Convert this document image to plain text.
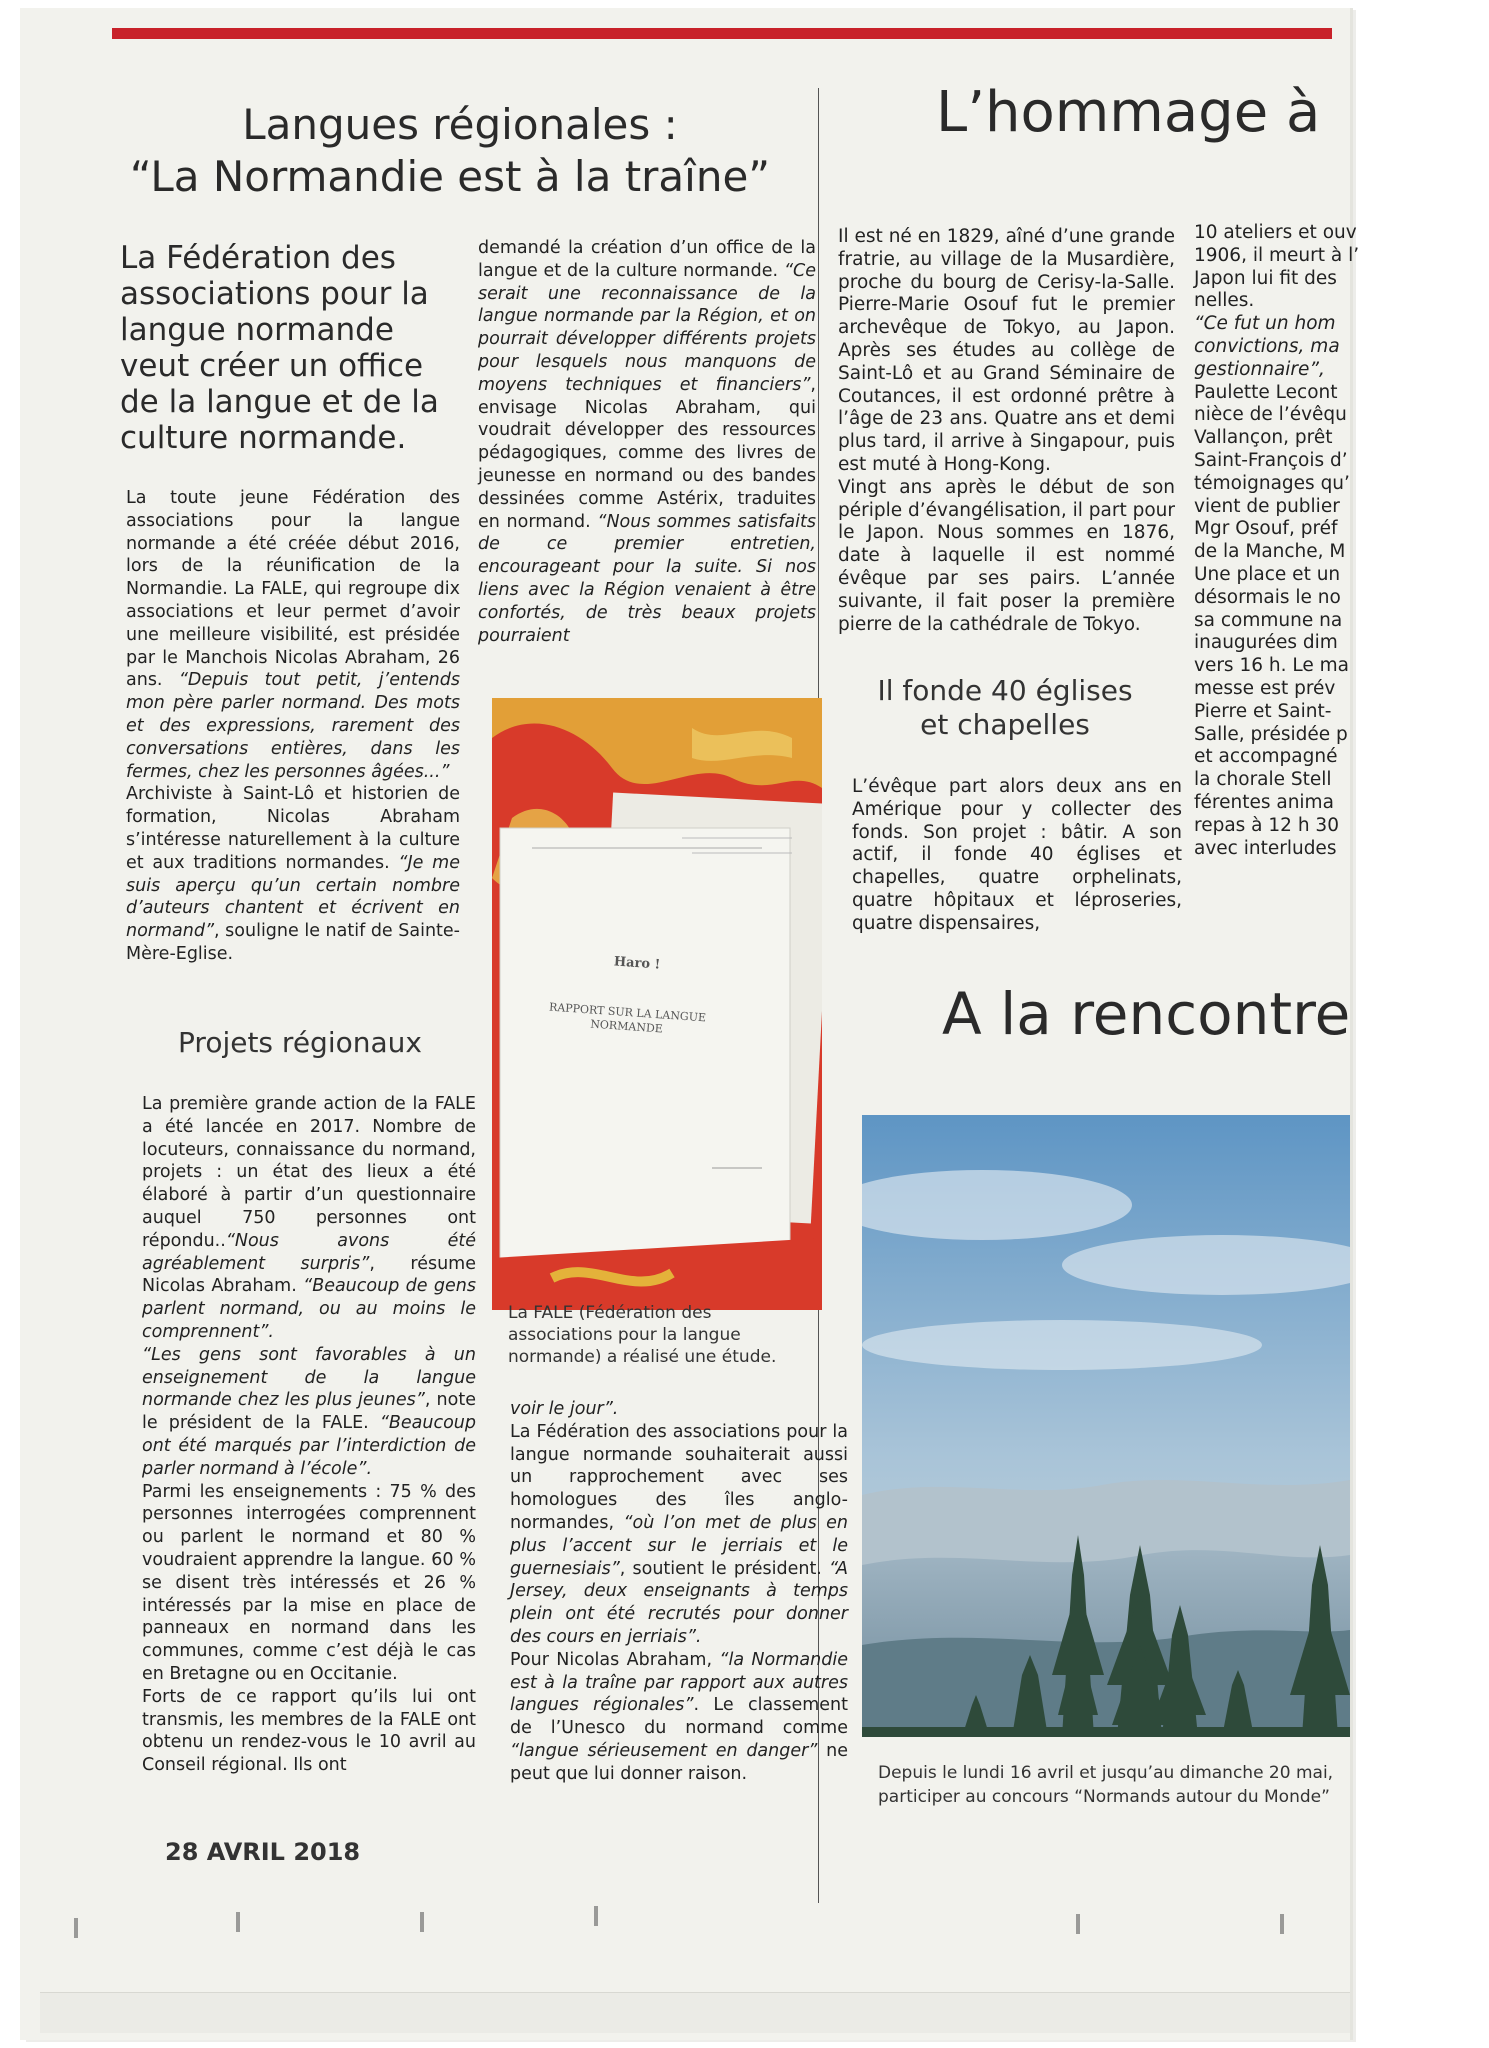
Langues régionales :
“La Normandie est à la traîne”

La Fédération des associations pour la langue normande veut créer un office de la langue et de la culture normande.

La toute jeune Fédération des associations pour la langue normande a été créée début 2016, lors de la réunification de la Normandie. La FALE, qui regroupe dix associations et leur permet d’avoir une meilleure visibilité, est présidée par le Manchois Nicolas Abraham, 26 ans. “Depuis tout petit, j’entends mon père parler normand. Des mots et des expressions, rarement des conversations entières, dans les fermes, chez les personnes âgées...”
Archiviste à Saint-Lô et historien de formation, Nicolas Abraham s’intéresse naturellement à la culture et aux traditions normandes. “Je me suis aperçu qu’un certain nombre d’auteurs chantent et écrivent en normand”, souligne le natif de Sainte-Mère-Eglise.
Projets régionaux
La première grande action de la FALE a été lancée en 2017. Nombre de locuteurs, connaissance du normand, projets : un état des lieux a été élaboré à partir d’un questionnaire auquel 750 personnes ont répondu..“Nous avons été agréablement surpris”, résume Nicolas Abraham. “Beaucoup de gens parlent normand, ou au moins le comprennent”.
“Les gens sont favorables à un enseignement de la langue normande chez les plus jeunes”, note le président de la FALE. “Beaucoup ont été marqués par l’interdiction de parler normand à l’école”.
Parmi les enseignements : 75 % des personnes interrogées comprennent ou parlent le normand et 80 % voudraient apprendre la langue. 60 % se disent très intéressés et 26 % intéressés par la mise en place de panneaux en normand dans les communes, comme c’est déjà le cas en Bretagne ou en Occitanie.
Forts de ce rapport qu’ils lui ont transmis, les membres de la FALE ont obtenu un rendez-vous le 10 avril au Conseil régional. Ils ont
demandé la création d’un office de la langue et de la culture normande. “Ce serait une reconnaissance de la langue normande par la Région, et on pourrait développer différents projets pour lesquels nous manquons de moyens techniques et financiers”, envisage Nicolas Abraham, qui voudrait développer des ressources pédagogiques, comme des livres de jeunesse en normand ou des bandes dessinées comme Astérix, traduites en normand. “Nous sommes satisfaits de ce premier entretien, encourageant pour la suite. Si nos liens avec la Région venaient à être confortés, de très beaux projets pourraient
Haro !
RAPPORT SUR LA LANGUE NORMANDE

La FALE (Fédération des associations pour la langue normande) a réalisé une étude.

voir le jour”.
La Fédération des associations pour la langue normande souhaiterait aussi un rapprochement avec ses homologues des îles anglo-normandes, “où l’on met de plus en plus l’accent sur le jerriais et le guernesiais”, soutient le président. “A Jersey, deux enseignants à temps plein ont été recrutés pour donner des cours en jerriais”.
Pour Nicolas Abraham, “la Normandie est à la traîne par rapport aux autres langues régionales”. Le classement de l’Unesco du normand comme “langue sérieusement en danger” ne peut que lui donner raison.

28 AVRIL 2018

L’hommage à
Il est né en 1829, aîné d’une grande fratrie, au village de la Musardière, proche du bourg de Cerisy-la-Salle. Pierre-Marie Osouf fut le premier archevêque de Tokyo, au Japon. Après ses études au collège de Saint-Lô et au Grand Séminaire de Coutances, il est ordonné prêtre à l’âge de 23 ans. Quatre ans et demi plus tard, il arrive à Singapour, puis est muté à Hong-Kong.
Vingt ans après le début de son périple d’évangélisation, il part pour le Japon. Nous sommes en 1876, date à laquelle il est nommé évêque par ses pairs. L’année suivante, il fait poser la première pierre de la cathédrale de Tokyo.
Il fonde 40 églises et chapelles
L’évêque part alors deux ans en Amérique pour y collecter des fonds. Son projet : bâtir. A son actif, il fonde 40 églises et chapelles, quatre orphelinats, quatre hôpitaux et léproseries, quatre dispensaires,
10 ateliers et ouv
1906, il meurt à l’
Japon lui fit des
nelles.
“Ce fut un hom
convictions, ma
gestionnaire”,
Paulette Lecont
nièce de l’évêqu
Vallançon, prêt
Saint-François d’
témoignages qu’
vient de publier
Mgr Osouf, préf
de la Manche, M
Une place et un
désormais le no
sa commune na
inaugurées dim
vers 16 h. Le ma
messe est prév
Pierre et Saint-
Salle, présidée p
et accompagné
la chorale Stell
férentes anima
repas à 12 h 30
avec interludes
A la rencontre

Depuis le lundi 16 avril et jusqu’au dimanche 20 mai,

participer au concours “Normands autour du Monde”
